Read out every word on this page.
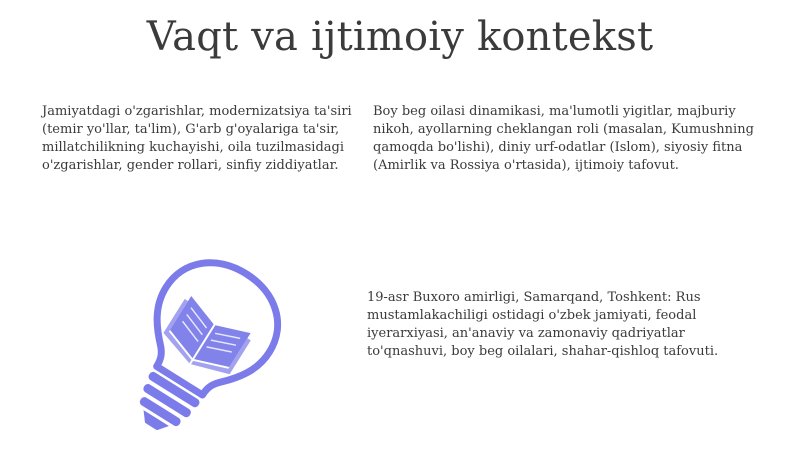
Vaqt va ijtimoiy kontekst
Jamiyatdagi o'zgarishlar, modernizatsiya ta'siri (temir yo'llar, ta'lim), G'arb g'oyalariga ta'sir, millatchilikning kuchayishi, oila tuzilmasidagi o'zgarishlar, gender rollari, sinfiy ziddiyatlar.
Boy beg oilasi dinamikasi, ma'lumotli yigitlar, majburiy nikoh, ayollarning cheklangan roli (masalan, Kumushning qamoqda bo'lishi), diniy urf-odatlar (Islom), siyosiy fitna (Amirlik va Rossiya o'rtasida), ijtimoiy tafovut.
19-asr Buxoro amirligi, Samarqand, Toshkent: Rus mustamlakachiligi ostidagi o'zbek jamiyati, feodal iyerarxiyasi, an'anaviy va zamonaviy qadriyatlar to'qnashuvi, boy beg oilalari, shahar-qishloq tafovuti.
